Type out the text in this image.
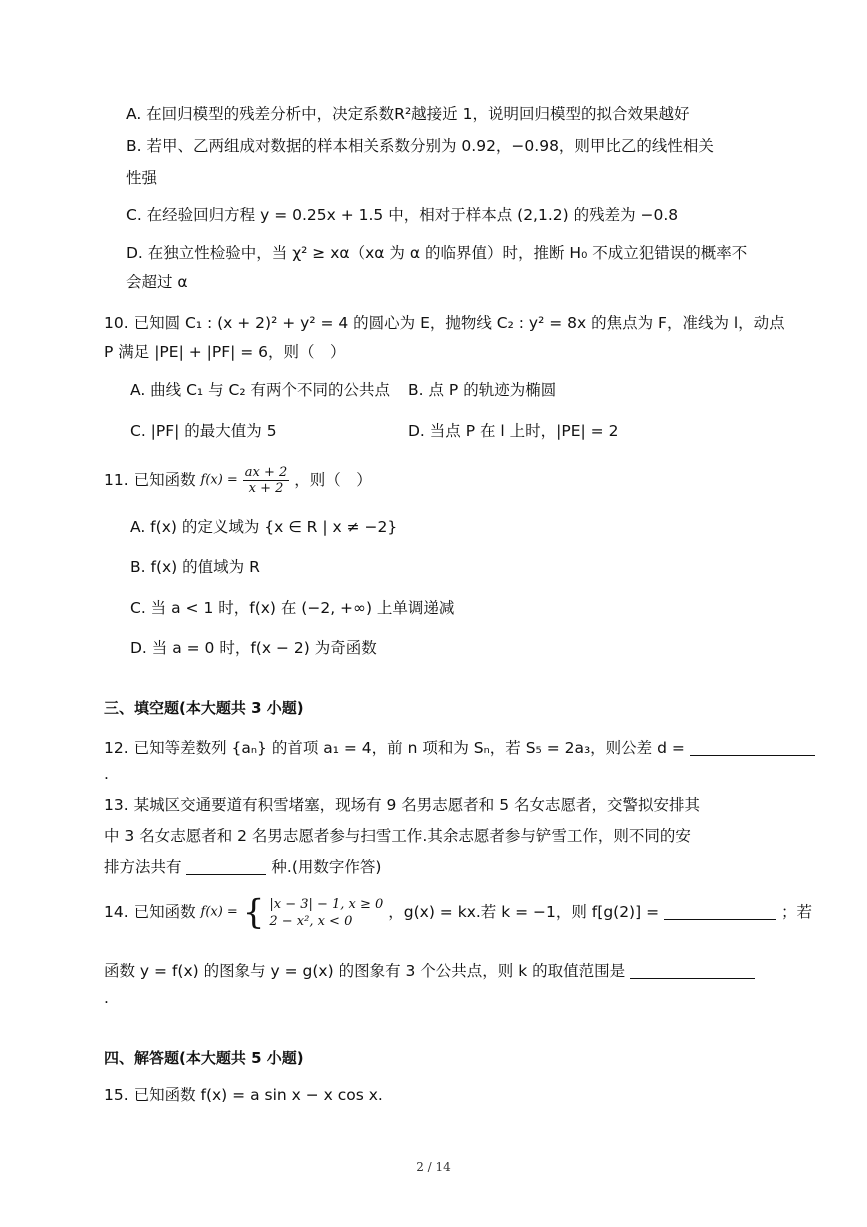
A. 在回归模型的残差分析中，决定系数R²越接近 1，说明回归模型的拟合效果越好
B. 若甲、乙两组成对数据的样本相关系数分别为 0.92，−0.98，则甲比乙的线性相关
性强
C. 在经验回归方程 y = 0.25x + 1.5 中，相对于样本点 (2,1.2) 的残差为 −0.8
D. 在独立性检验中，当 χ² ≥ xα（xα 为 α 的临界值）时，推断 H₀ 不成立犯错误的概率不
会超过 α
10. 已知圆 C₁ : (x + 2)² + y² = 4 的圆心为 E，抛物线 C₂ : y² = 8x 的焦点为 F，准线为 l，动点
P 满足 |PE| + |PF| = 6，则（　）
A. 曲线 C₁ 与 C₂ 有两个不同的公共点 B. 点 P 的轨迹为椭圆
C. |PF| 的最大值为 5	D. 当点 P 在 l 上时，|PE| = 2
11. 已知函数 $f(x) = \frac{ax + 2}{x + 2}$ ，则（　）
A. f(x) 的定义域为 {x ∈ R | x ≠ −2}
B. f(x) 的值域为 R
C. 当 a < 1 时，f(x) 在 (−2, +∞) 上单调递减
D. 当 a = 0 时，f(x − 2) 为奇函数
三、填空题(本大题共 3 小题)
12. 已知等差数列 {aₙ} 的首项 a₁ = 4，前 n 项和为 Sₙ，若 S₅ = 2a₃，则公差 d =
.
13. 某城区交通要道有积雪堵塞，现场有 9 名男志愿者和 5 名女志愿者，交警拟安排其
中 3 名女志愿者和 2 名男志愿者参与扫雪工作.其余志愿者参与铲雪工作，则不同的安
排方法共有	种.(用数字作答)
14. 已知函数 f(x) = { |x − 3| − 1, x ≥ 0
2 − x², x < 0	，g(x) = kx.若 k = −1，则 f[g(2)] =	；若
函数 y = f(x) 的图象与 y = g(x) 的图象有 3 个公共点，则 k 的取值范围是
.
四、解答题(本大题共 5 小题)
15. 已知函数 f(x) = a sin x − x cos x.
2 / 14
